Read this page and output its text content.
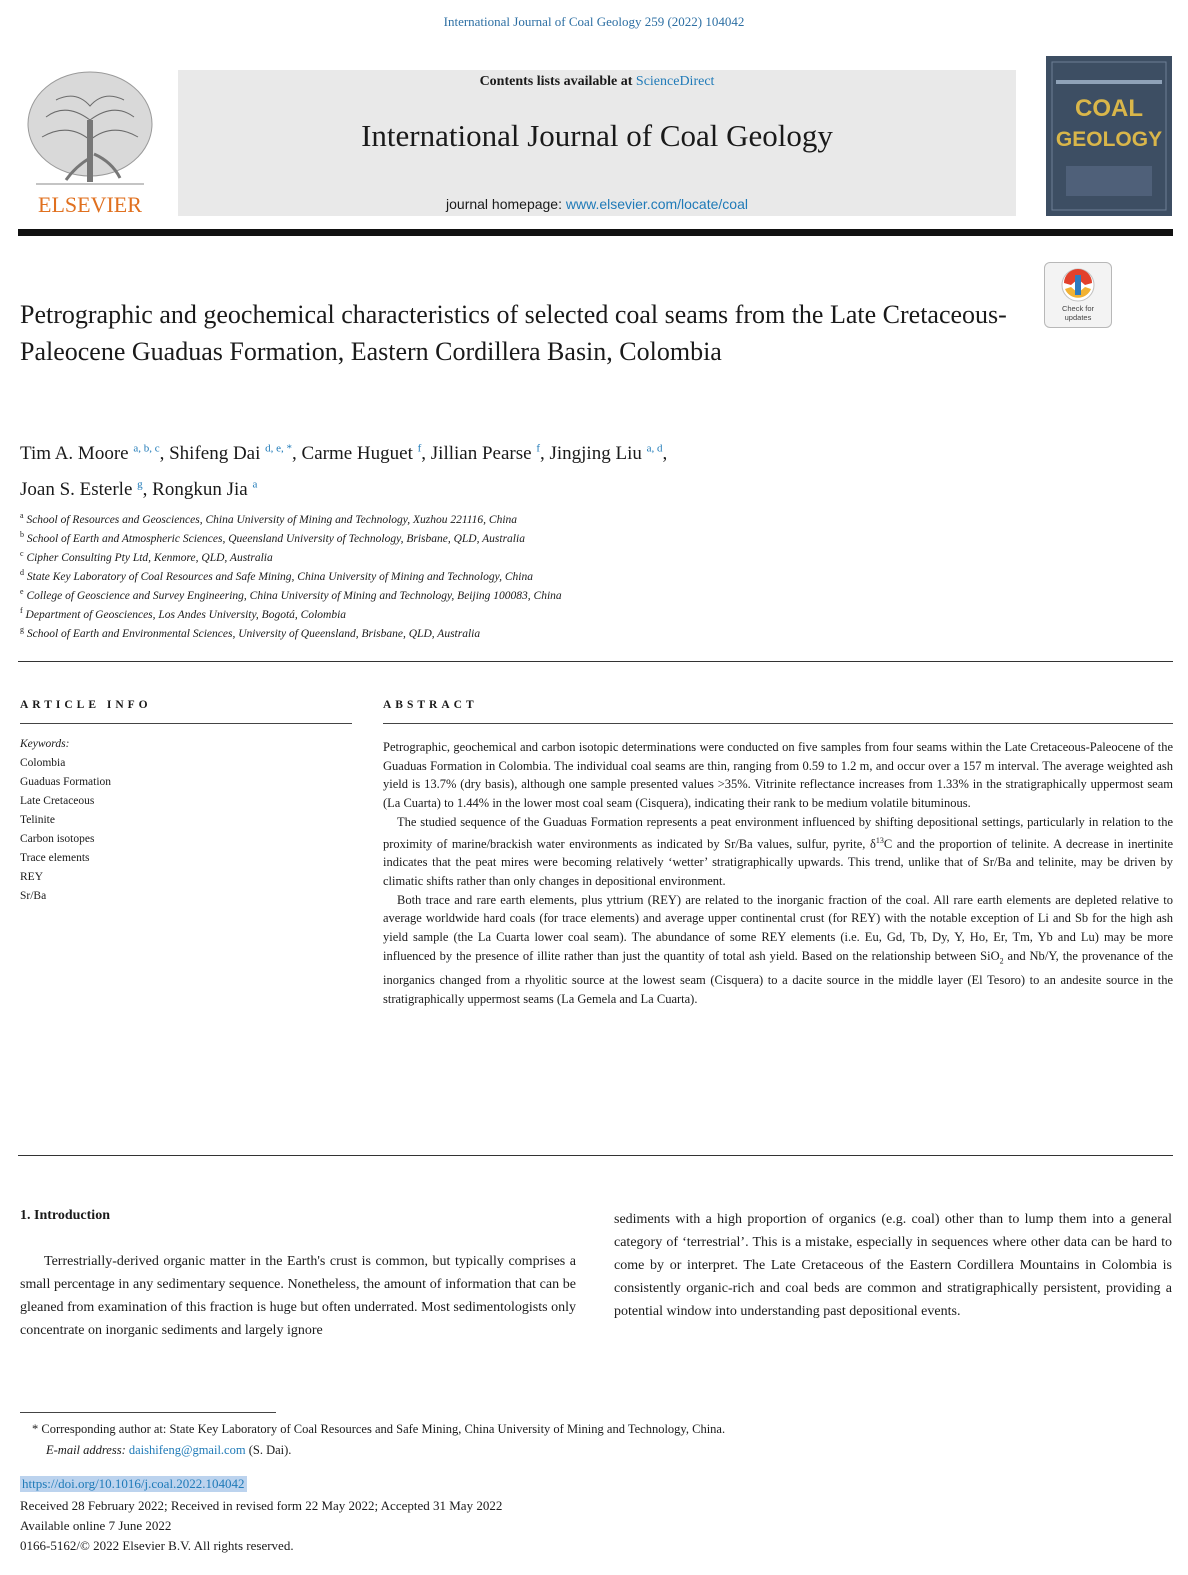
International Journal of Coal Geology 259 (2022) 104042
ELSEVIER
Contents lists available at ScienceDirect
International Journal of Coal Geology
journal homepage: www.elsevier.com/locate/coal
COAL
GEOLOGY
Check for
updates
Petrographic and geochemical characteristics of selected coal seams from the Late Cretaceous-Paleocene Guaduas Formation, Eastern Cordillera Basin, Colombia
Tim A. Moore $^{a, b, c}$, Shifeng Dai $^{d, e, *}$, Carme Huguet $^f$, Jillian Pearse $^f$, Jingjing Liu $^{a, d}$,
Joan S. Esterle $^g$, Rongkun Jia $^a$
$^a$ School of Resources and Geosciences, China University of Mining and Technology, Xuzhou 221116, China
$^b$ School of Earth and Atmospheric Sciences, Queensland University of Technology, Brisbane, QLD, Australia
$^c$ Cipher Consulting Pty Ltd, Kenmore, QLD, Australia
$^d$ State Key Laboratory of Coal Resources and Safe Mining, China University of Mining and Technology, China
$^e$ College of Geoscience and Survey Engineering, China University of Mining and Technology, Beijing 100083, China
$^f$ Department of Geosciences, Los Andes University, Bogotá, Colombia
$^g$ School of Earth and Environmental Sciences, University of Queensland, Brisbane, QLD, Australia
ARTICLE INFO
Keywords:
Colombia
Guaduas Formation
Late Cretaceous
Telinite
Carbon isotopes
Trace elements
REY
Sr/Ba
ABSTRACT

Petrographic, geochemical and carbon isotopic determinations were conducted on five samples from four seams within the Late Cretaceous-Paleocene of the Guaduas Formation in Colombia. The individual coal seams are thin, ranging from 0.59 to 1.2 m, and occur over a 157 m interval. The average weighted ash yield is 13.7% (dry basis), although one sample presented values >35%. Vitrinite reflectance increases from 1.33% in the stratigraphically uppermost seam (La Cuarta) to 1.44% in the lower most coal seam (Cisquera), indicating their rank to be medium volatile bituminous.

The studied sequence of the Guaduas Formation represents a peat environment influenced by shifting depositional settings, particularly in relation to the proximity of marine/brackish water environments as indicated by Sr/Ba values, sulfur, pyrite, $\delta^{13}C$ and the proportion of telinite. A decrease in inertinite indicates that the peat mires were becoming relatively ‘wetter’ stratigraphically upwards. This trend, unlike that of Sr/Ba and telinite, may be driven by climatic shifts rather than only changes in depositional environment.

Both trace and rare earth elements, plus yttrium (REY) are related to the inorganic fraction of the coal. All rare earth elements are depleted relative to average worldwide hard coals (for trace elements) and average upper continental crust (for REY) with the notable exception of Li and Sb for the high ash yield sample (the La Cuarta lower coal seam). The abundance of some REY elements (i.e. Eu, Gd, Tb, Dy, Y, Ho, Er, Tm, Yb and Lu) may be more influenced by the presence of illite rather than just the quantity of total ash yield. Based on the relationship between SiO$_2$ and Nb/Y, the provenance of the inorganics changed from a rhyolitic source at the lowest seam (Cisquera) to a dacite source in the middle layer (El Tesoro) to an andesite source in the stratigraphically uppermost seams (La Gemela and La Cuarta).

1. Introduction
Terrestrially-derived organic matter in the Earth's crust is common, but typically comprises a small percentage in any sedimentary sequence. Nonetheless, the amount of information that can be gleaned from examination of this fraction is huge but often underrated. Most sedimentologists only concentrate on inorganic sediments and largely ignore
sediments with a high proportion of organics (e.g. coal) other than to lump them into a general category of ‘terrestrial’. This is a mistake, especially in sequences where other data can be hard to come by or interpret. The Late Cretaceous of the Eastern Cordillera Mountains in Colombia is consistently organic-rich and coal beds are common and stratigraphically persistent, providing a potential window into understanding past depositional events.
* Corresponding author at: State Key Laboratory of Coal Resources and Safe Mining, China University of Mining and Technology, China.
E-mail address: daishifeng@gmail.com (S. Dai).
https://doi.org/10.1016/j.coal.2022.104042
Received 28 February 2022; Received in revised form 22 May 2022; Accepted 31 May 2022
Available online 7 June 2022
0166-5162/© 2022 Elsevier B.V. All rights reserved.
